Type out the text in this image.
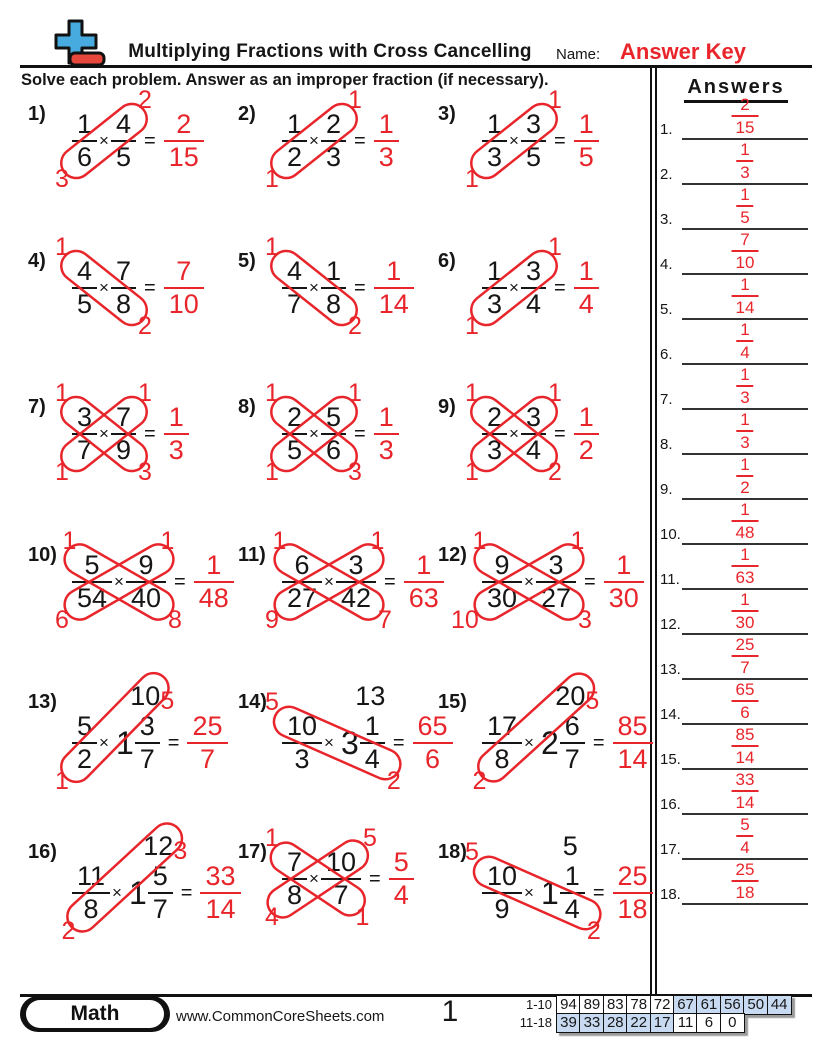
Multiplying Fractions with Cross Cancelling	Name: Answer Key
Solve each problem. Answer as an improper fraction (if necessary).	Answers
1.
2
15
2.
1
3
3.
1
5
4.
7
10
5.
1
14
6.
1
4
7.
1
3
8.
1
3
9.
1
2
10.
1
48
11.
1
63
12.
1
30
13.
25
7
14.
65
6
15.
85
14
16.
33
14
17.
5
4
18.
25
18
$1) \frac{1}{6} \times \frac{4}{5} = \frac{2}{15}$
2
3
$2) \frac{1}{2} \times \frac{2}{3} = \frac{1}{3}$
1
1
$3) \frac{1}{3} \times \frac{3}{5} = \frac{1}{5}$
1
1
$4) \frac{4}{5} \times \frac{7}{8} = \frac{7}{10}$
1
2
$5) \frac{4}{7} \times \frac{1}{8} = \frac{1}{14}$
1
2
$6) \frac{1}{3} \times \frac{3}{4} = \frac{1}{4}$
1
1
$7) \frac{3}{7} \times \frac{7}{9} = \frac{1}{3}$
1	1
1	3
$8) \frac{2}{5} \times \frac{5}{6} = \frac{1}{3}$
1	1
1	3
$9) \frac{2}{3} \times \frac{3}{4} = \frac{1}{2}$
1	1
1	2
$10) \frac{5}{54} \times \frac{9}{40} = \frac{1}{48}$
1	1
6	8
$11) \frac{6}{27} \times \frac{3}{42} = \frac{1}{63}$
1	1
9	7
$12) \frac{9}{30} \times \frac{3}{27} = \frac{1}{30}$
1	1
10	3
13)
$\frac{5}{2} \times 1 \frac{3}{7} = \frac{25}{7}$
10 5
1
14)
$\frac{10}{3} \times 3 \frac{1}{4} = \frac{65}{6}$
13
5
2
15)
$\frac{17}{8} \times 2 \frac{6}{7} = \frac{85}{14}$
20 5
2
16)
$\frac{11}{8} \times 1 \frac{5}{7} = \frac{33}{14}$
12 3
2
$17) \frac{7}{8} \times \frac{10}{7} = \frac{5}{4}$
1	5
4	1
18)
$\frac{10}{9} \times 1 \frac{1}{4} = \frac{25}{18}$
5
5
2
Math	www.CommonCoreSheets.com	1	1-10 94 89 83 78 72 67 61 56 50 44
11-18 39 33 28 22 17 11 6	0
